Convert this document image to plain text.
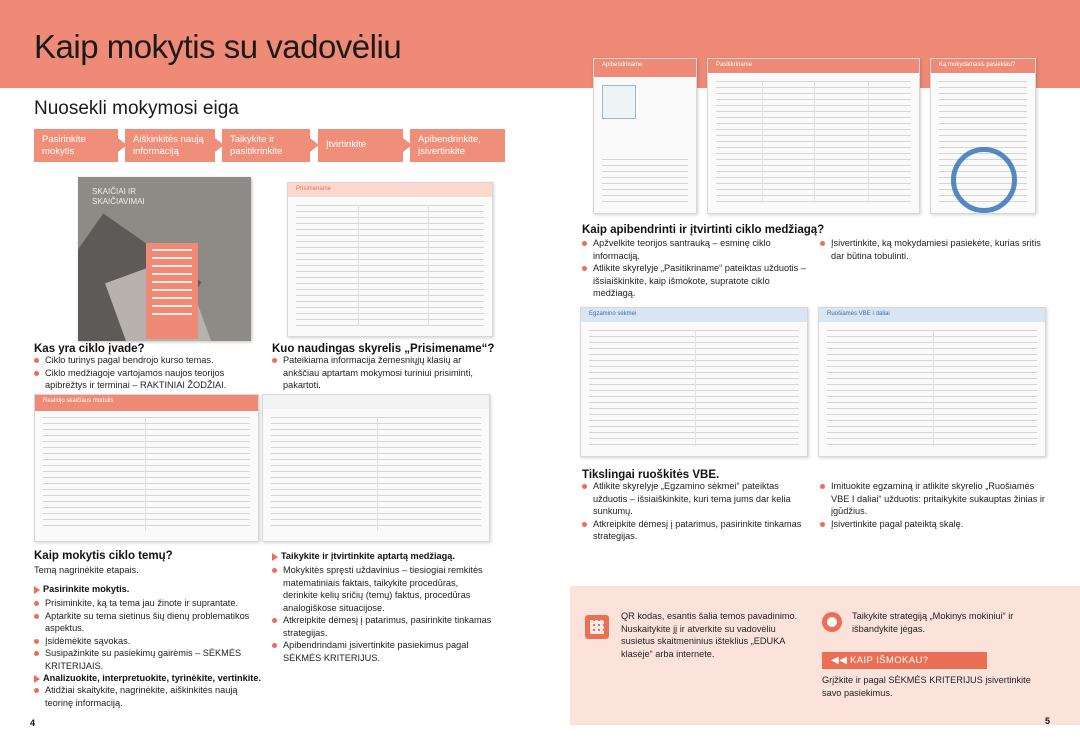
Kaip mokytis su vadovėliu
Nuosekli mokymosi eiga
Pasirinkite mokytis
Aiškinkitės naują informaciją
Taikykite ir pasitikrinkite
Įtvirtinkite	Apibendrinkite, įsivertinkite
SKAIČIAI IR SKAIČIAVIMAI
Prisimename
Realiojo skaičiaus modulis
Apibendriname	Pasitikriname	Ką mokydamasis pasiekiau?
Egzamino sėkmei	Ruošiamės VBE I daliai
Kas yra ciklo įvade?
Ciklo turinys pagal bendrojo kurso temas.
Ciklo medžiagoje vartojamos naujos teorijos apibrėžtys ir terminai – RAKTINIAI ŽODŽIAI.
Kuo naudingas skyrelis „Prisimename“?
Pateikiama informacija žemesniųjų klasių ar ankščiau aptartam mokymosi turiniui prisiminti, pakartoti.
Kaip mokytis ciklo temų?
Temą nagrinėkite etapais.
Pasirinkite mokytis.
Prisiminkite, ką ta tema jau žinote ir suprantate.
Aptarkite su tema sietinus šių dienų problematikos aspektus.
Įsidėmėkite sąvokas.
Susipažinkite su pasiekimų gairėmis – SĖKMĖS KRITERIJAIS.
Analizuokite, interpretuokite, tyrinėkite, vertinkite.
Atidžiai skaitykite, nagrinėkite, aiškinkitės naują teorinę informaciją.
Taikykite ir įtvirtinkite aptartą medžiagą.
Mokykitės spręsti uždavinius – tiesiogiai remkitės matematiniais faktais, taikykite procedūras, derinkite kelių sričių (temų) faktus, procedūras analogiškose situacijose.
Atkreipkite dėmesį į patarimus, pasirinkite tinkamas strategijas.
Apibendrindami įsivertinkite pasiekimus pagal SĖKMĖS KRITERIJUS.
Kaip apibendrinti ir įtvirtinti ciklo medžiagą?
Apžvelkite teorijos santrauką – esminę ciklo informaciją.
Atlikite skyrelyje „Pasitikriname“ pateiktas užduotis – išsiaiškinkite, kaip išmokote, supratote ciklo medžiagą.
Įsivertinkite, ką mokydamiesi pasiekėte, kurias sritis dar būtina tobulinti.
Tikslingai ruoškitės VBE.
Atlikite skyrelyje „Egzamino sėkmei“ pateiktas užduotis – išsiaiškinkite, kuri tema jums dar kelia sunkumų.
Atkreipkite dėmesį į patarimus, pasirinkite tinkamas strategijas.
Imituokite egzaminą ir atlikite skyrelio „Ruošiamės VBE I daliai“ užduotis: pritaikykite sukauptas žinias ir įgūdžius.
Įsivertinkite pagal pateiktą skalę.
QR kodas, esantis šalia temos pavadinimo. Nuskaitykite jį ir atverkite su vadovėliu susietus skaitmeninius išteklius „EDUKA klasėje“ arba internete.
Taikykite strategiją „Mokinys mokiniui“ ir išbandykite jėgas.
◀◀ KAIP IŠMOKAU?
Grįžkite ir pagal SĖKMĖS KRITERIJUS įsivertinkite savo pasiekimus.
4	5
